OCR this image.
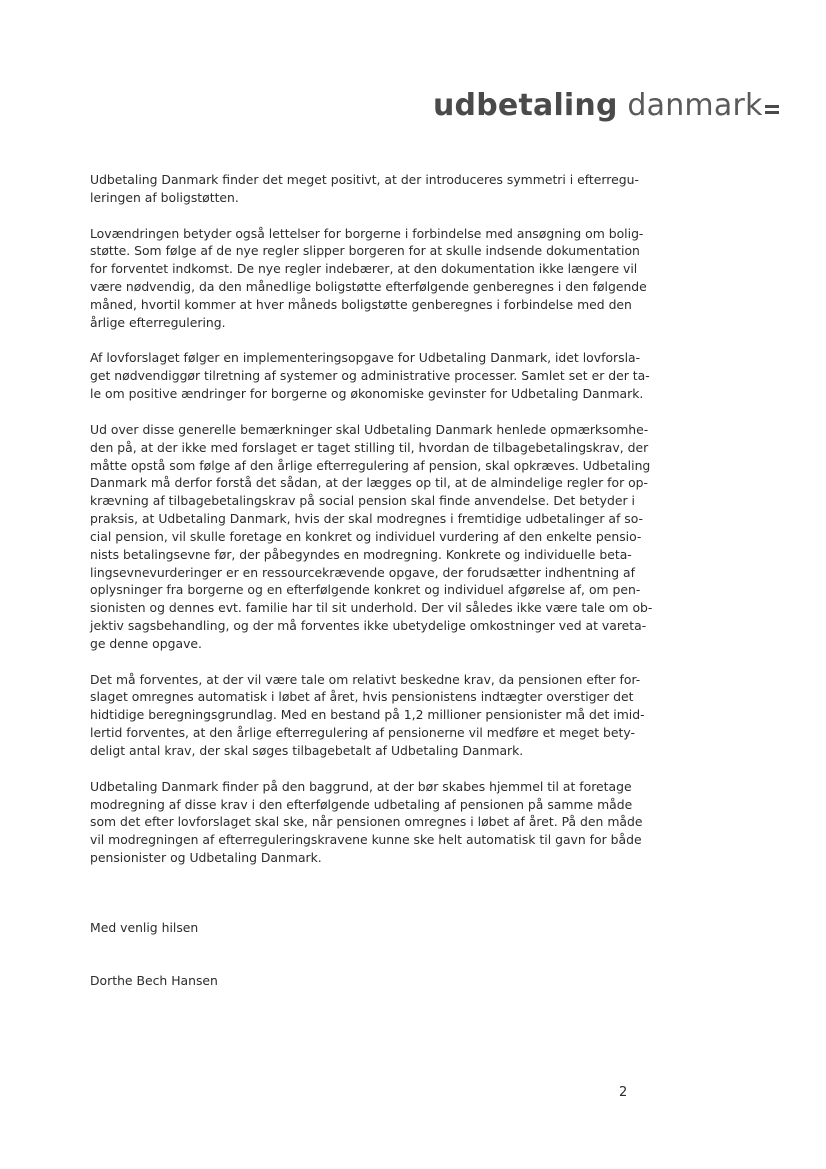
udbetaling danmark
Udbetaling Danmark finder det meget positivt, at der introduceres symmetri i efterregu-
leringen af boligstøtten.
Lovændringen betyder også lettelser for borgerne i forbindelse med ansøgning om bolig-
støtte. Som følge af de nye regler slipper borgeren for at skulle indsende dokumentation
for forventet indkomst. De nye regler indebærer, at den dokumentation ikke længere vil
være nødvendig, da den månedlige boligstøtte efterfølgende genberegnes i den følgende
måned, hvortil kommer at hver måneds boligstøtte genberegnes i forbindelse med den
årlige efterregulering.
Af lovforslaget følger en implementeringsopgave for Udbetaling Danmark, idet lovforsla-
get nødvendiggør tilretning af systemer og administrative processer. Samlet set er der ta-
le om positive ændringer for borgerne og økonomiske gevinster for Udbetaling Danmark.
Ud over disse generelle bemærkninger skal Udbetaling Danmark henlede opmærksomhe-
den på, at der ikke med forslaget er taget stilling til, hvordan de tilbagebetalingskrav, der
måtte opstå som følge af den årlige efterregulering af pension, skal opkræves. Udbetaling
Danmark må derfor forstå det sådan, at der lægges op til, at de almindelige regler for op-
krævning af tilbagebetalingskrav på social pension skal finde anvendelse. Det betyder i
praksis, at Udbetaling Danmark, hvis der skal modregnes i fremtidige udbetalinger af so-
cial pension, vil skulle foretage en konkret og individuel vurdering af den enkelte pensio-
nists betalingsevne før, der påbegyndes en modregning. Konkrete og individuelle beta-
lingsevnevurderinger er en ressourcekrævende opgave, der forudsætter indhentning af
oplysninger fra borgerne og en efterfølgende konkret og individuel afgørelse af, om pen-
sionisten og dennes evt. familie har til sit underhold. Der vil således ikke være tale om ob-
jektiv sagsbehandling, og der må forventes ikke ubetydelige omkostninger ved at vareta-
ge denne opgave.
Det må forventes, at der vil være tale om relativt beskedne krav, da pensionen efter for-
slaget omregnes automatisk i løbet af året, hvis pensionistens indtægter overstiger det
hidtidige beregningsgrundlag. Med en bestand på 1,2 millioner pensionister må det imid-
lertid forventes, at den årlige efterregulering af pensionerne vil medføre et meget bety-
deligt antal krav, der skal søges tilbagebetalt af Udbetaling Danmark.
Udbetaling Danmark finder på den baggrund, at der bør skabes hjemmel til at foretage
modregning af disse krav i den efterfølgende udbetaling af pensionen på samme måde
som det efter lovforslaget skal ske, når pensionen omregnes i løbet af året. På den måde
vil modregningen af efterreguleringskravene kunne ske helt automatisk til gavn for både
pensionister og Udbetaling Danmark.
Med venlig hilsen
Dorthe Bech Hansen
2
